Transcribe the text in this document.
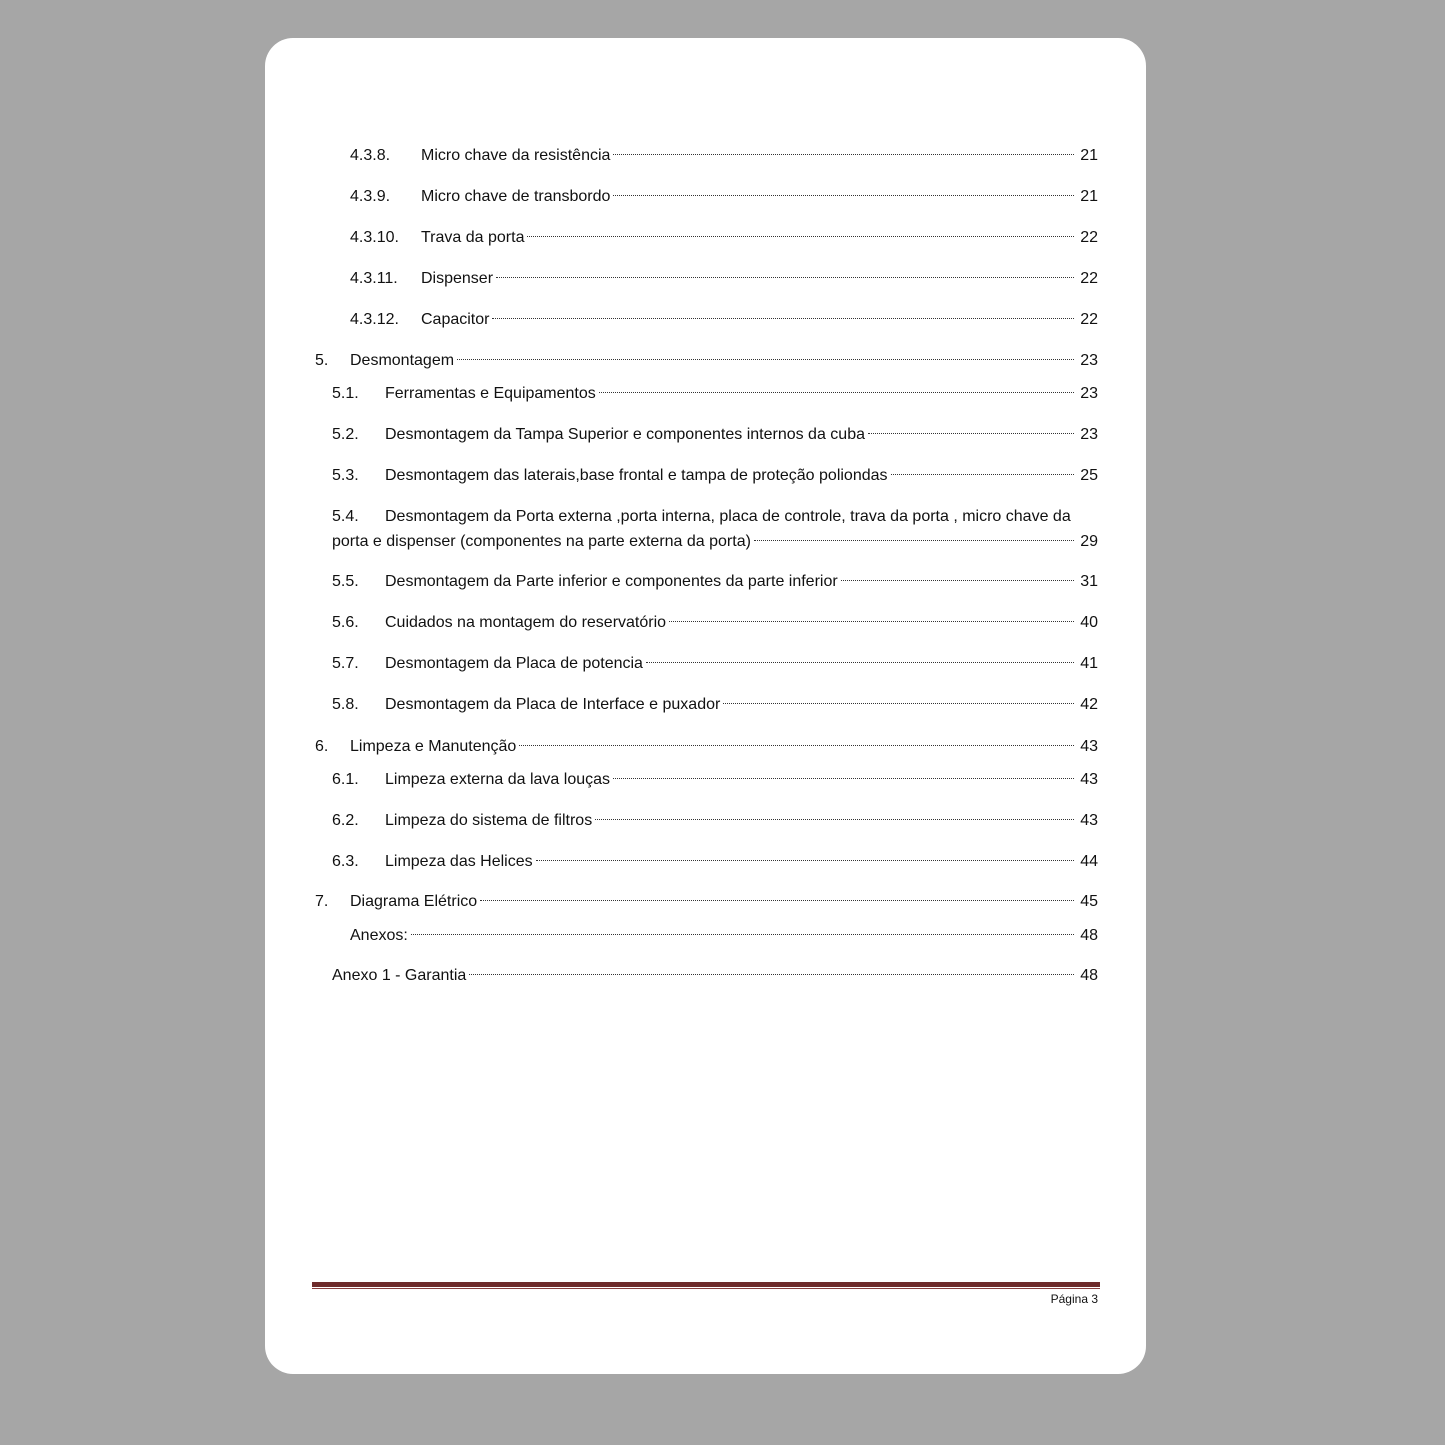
4.3.8.	Micro chave da resistência	21
4.3.9.	Micro chave de transbordo	21
4.3.10.	Trava da porta	22
4.3.11.	Dispenser	22
4.3.12.	Capacitor	22
5.	Desmontagem	23
5.1.	Ferramentas e Equipamentos	23
5.2.	Desmontagem da Tampa Superior e componentes internos da cuba	23
5.3.	Desmontagem das laterais,base frontal e tampa de proteção poliondas	25
5.4.	Desmontagem da Porta externa ,porta interna, placa de controle, trava da porta , micro chave da
porta e dispenser (componentes na parte externa da porta)	29
5.5.	Desmontagem da Parte inferior e componentes da parte inferior	31
5.6.	Cuidados na montagem do reservatório	40
5.7.	Desmontagem da Placa de potencia	41
5.8.	Desmontagem da Placa de Interface e puxador	42
6.	Limpeza e Manutenção	43
6.1.	Limpeza externa da lava louças	43
6.2.	Limpeza do sistema de filtros	43
6.3.	Limpeza das Helices	44
7.	Diagrama Elétrico	45
Anexos:	48
Anexo 1 - Garantia	48
Página 3
